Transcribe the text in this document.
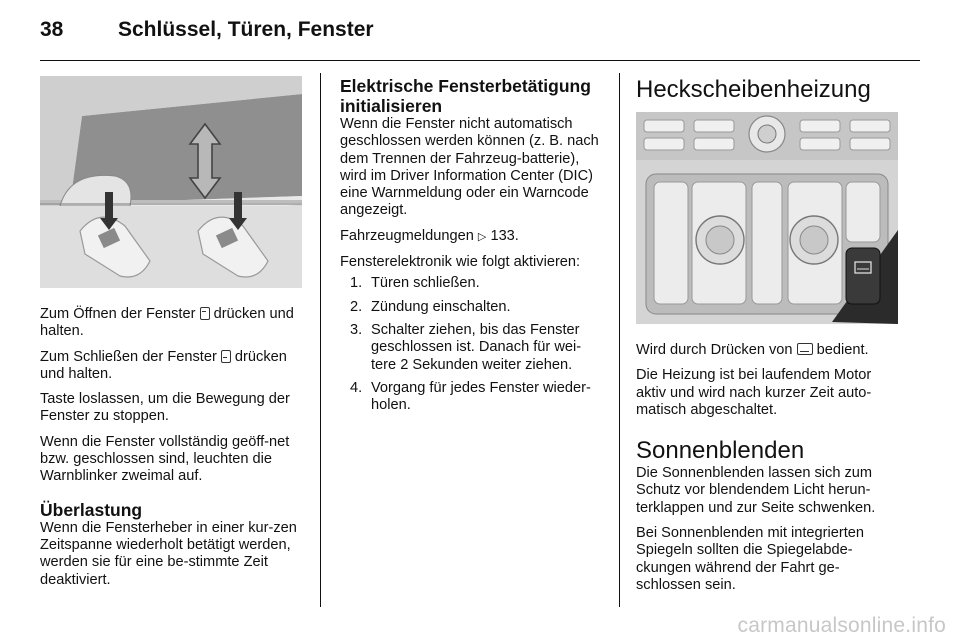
38	Schlüssel, Türen, Fenster

Zum Öffnen der Fenster  drücken und halten.

Zum Schließen der Fenster  drücken und halten.

Taste loslassen, um die Bewegung der Fenster zu stoppen.

Wenn die Fenster vollständig geöff-net bzw. geschlossen sind, leuchten die Warnblinker zweimal auf.

Überlastung

Wenn die Fensterheber in einer kur-zen Zeitspanne wiederholt betätigt werden, werden sie für eine be-stimmte Zeit deaktiviert.

Elektrische Fensterbetätigung initialisieren

Wenn die Fenster nicht automatisch geschlossen werden können (z. B. nach dem Trennen der Fahrzeug-batterie), wird im Driver Information Center (DIC) eine Warnmeldung oder ein Warncode angezeigt.

Fahrzeugmeldungen ▷ 133.

Fensterelektronik wie folgt aktivieren:

1. Türen schließen.
2. Zündung einschalten.
3. Schalter ziehen, bis das Fenster geschlossen ist. Danach für wei-tere 2 Sekunden weiter ziehen.
4. Vorgang für jedes Fenster wieder-holen.
Heckscheibenheizung

Wird durch Drücken von  bedient.

Die Heizung ist bei laufendem Motor aktiv und wird nach kurzer Zeit auto-matisch abgeschaltet.

Sonnenblenden

Die Sonnenblenden lassen sich zum Schutz vor blendendem Licht herun-terklappen und zur Seite schwenken.

Bei Sonnenblenden mit integrierten Spiegeln sollten die Spiegelabde-ckungen während der Fahrt ge-schlossen sein.

carmanualsonline.info
